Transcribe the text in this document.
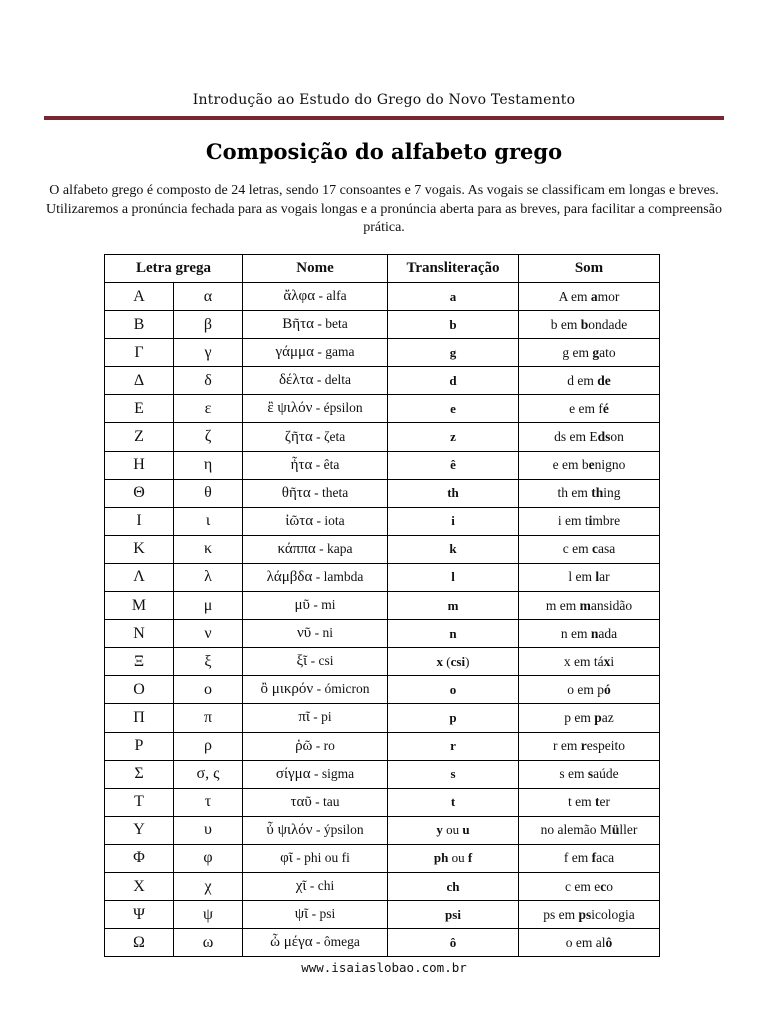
Introdução ao Estudo do Grego do Novo Testamento
Composição do alfabeto grego
O alfabeto grego é composto de 24 letras, sendo 17 consoantes e 7 vogais. As vogais se classificam em longas e breves. Utilizaremos a pronúncia fechada para as vogais longas e a pronúncia aberta para as breves, para facilitar a compreensão prática.
Letra grega		Nome	Transliteração	Som
Α	α	ἄλφα - alfa	a	A em amor
Β	β	Βῆτα - beta	b	b em bondade
Γ	γ	γάμμα - gama	g	g em gato
Δ	δ	δέλτα - delta	d	d em de
Ε	ε	ἒ ψιλόν - épsilon	e	e em fé
Ζ	ζ	ζῆτα - ζeta	z	ds em Edson
Η	η	ἦτα - êta	ê	e em benigno
Θ	θ	θῆτα - theta	th	th em thing
Ι	ι	ἰῶτα - iota	i	i em timbre
Κ	κ	κάππα - kapa	k	c em casa
Λ	λ	λάμβδα - lambda	l	l em lar
Μ	μ	μῦ - mi	m	m em mansidão
Ν	ν	νῦ - ni	n	n em nada
Ξ	ξ	ξῖ - csi	x (csi)	x em táxi
Ο	ο	ὂ μικρόν - ómicron	o	o em pó
Π	π	πῖ - pi	p	p em paz
Ρ	ρ	ῥῶ - ro	r	r em respeito
Σ	σ, ς	σίγμα - sigma	s	s em saúde
Τ	τ	ταῦ - tau	t	t em ter
Υ	υ	ὖ ψιλόν - ýpsilon	y ou u	no alemão Müller
Φ	φ	φῖ - phi ou fi	ph ou f	f em faca
Χ	χ	χῖ - chi	ch	c em eco
Ψ	ψ	ψῖ - psi	psi	ps em psicologia
Ω	ω	ὦ μέγα - ômega	ô	o em alô
www.isaiaslobao.com.br
